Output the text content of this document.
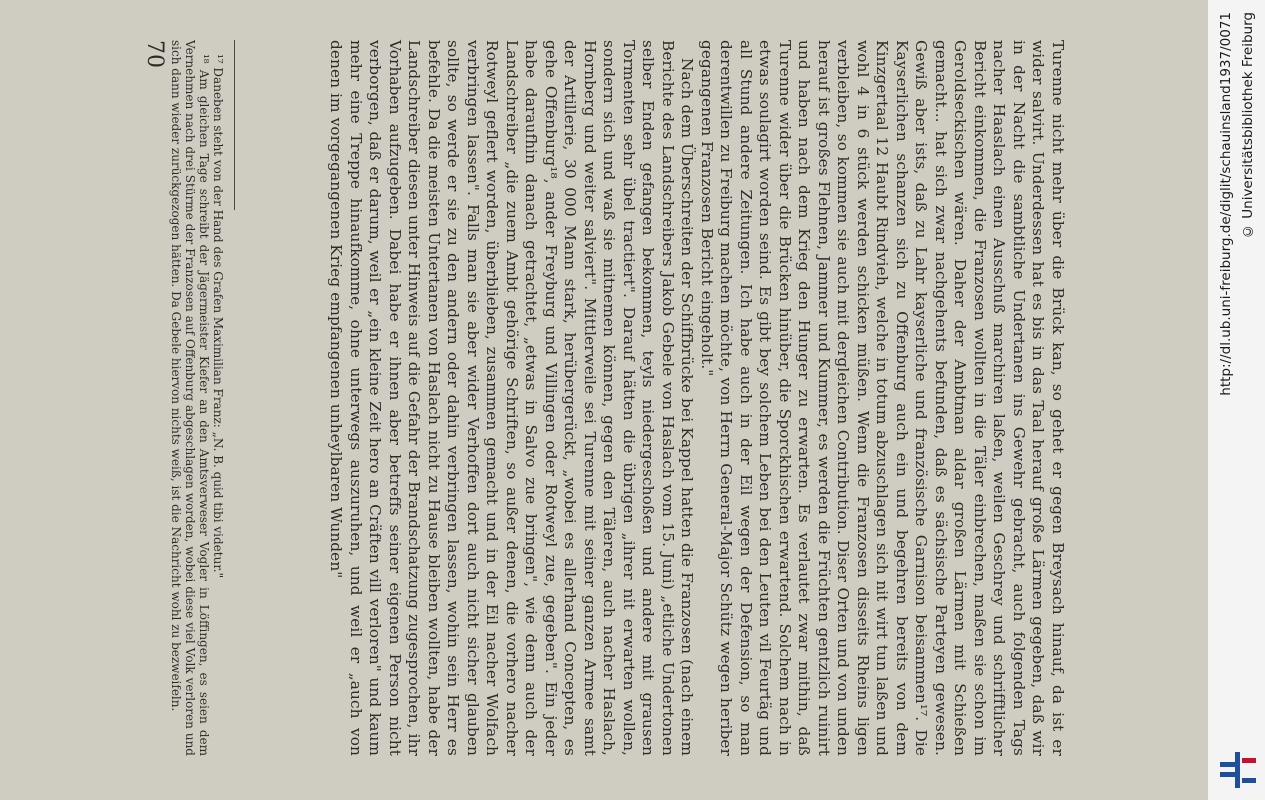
Turenne nicht mehr über die Brück kan, so gehet er gegen Breysach hinauf, da ist er wider salvirt. Underdessen hat es bis in das Taal herauf große Lärmen gegeben, daß wir in der Nacht die sambtliche Undertanen ins Gewehr gebracht, auch folgenden Tags nacher Haaslach einen Ausschuß marchiren laßen, weilen Geschrey und schrifftlicher Bericht einkommen, die Franzosen wollten in die Täler einbrechen, maßen sie schon im Geroldseckischen wären. Daher der Ambtman aldar großen Lärmen mit Schießen gemacht... hat sich zwar nachgehents befunden, daß es sächsische Parteyen gewesen. Gewiß aber ists, daß zu Lahr kayserliche und französische Garnison beisammen¹⁷. Die Kayserlichen schanzen sich zu Offenburg auch ein und begehren bereits von dem Kinzgertaal 12 Haubt Rindvieh, welche in totum abzuschlagen sich nit wirt tun laßen und wohl 4 in 6 stück werden schicken müßen. Wenn die Franzosen disseits Rheins ligen verbleiben, so kommen sie auch mit dergleichen Contribution. Diser Orten und von unden herauf ist großes Flehnen, Jammer und Kummer, es werden die Früchten gentzlich ruinirt und haben nach dem Krieg den Hunger zu erwarten. Es verlautet zwar mithin, daß Turenne wider über die Brücken hinüber, die Sporckhischen erwartend. Solchem nach in etwas soulagirt worden seind. Es gibt bey solchem Leben bei den Leuten vil Feurtäg und all Stund andere Zeitungen. Ich habe auch in der Eil wegen der Defension, so man derentwillen zu Freiburg machen möchte, von Herrn General-Major Schütz wegen heriber gegangenen Franzosen Bericht eingeholt."

Nach dem Überschreiten der Schiffbrücke bei Kappel hatten die Franzosen (nach einem Berichte des Landschreibers Jakob Gebele von Haslach vom 15. Juni) „etliche Undertonen selber Enden gefangen bekommen, teyls niedergeschoßen und andere mit grausen Tormenten sehr übel tractiert". Darauf hätten die übrigen „ihrer nit erwarten wollen, sondern sich und waß sie mitnemen können, gegen den Täleren, auch nacher Haslach, Hornberg und weiter salviert". Mittlerweile sei Turenne mit seiner ganzen Armee samt der Artillerie, 30 000 Mann stark, herübergerückt, „wobei es allerhand Concepten, es gehe Offenburg¹⁸, ander Freyburg und Villingen oder Rotweyl zue, gegeben". Ein jeder habe daraufhin danach getrachtet, „etwas in Salvo zue bringen", wie denn auch der Landschreiber „die zuem Ambt gehörige Schriften, so außer denen, die vorhero nacher Rotweyl geflert worden, überblieben, zusammen gemacht und in der Eil nacher Wolfach verbringen lassen". Falls man sie aber wider Verhoffen dort auch nicht sicher glauben sollte, so werde er sie zu den andern oder dahin verbringen lassen, wohin sein Herr es befehle. Da die meisten Untertanen von Haslach nicht zu Hause bleiben wollten, habe der Landschreiber diesen unter Hinweis auf die Gefahr der Brandschatzung zugesprochen, ihr Vorhaben aufzugeben. Dabei habe er ihnen aber betreffs seiner eigenen Person nicht verborgen, daß er darum, weil er „ein kleine Zeit hero an Cräften vill verloren" und kaum mehr eine Treppe hinaufkomme, ohne unterwegs auszuruhen, und weil er „auch von denen im vorgegangenen Krieg empfangenen unheylbaren Wunden"

¹⁷ Daneben steht von der Hand des Grafen Maximilian Franz: „N. B. quid tibi videtur."

¹⁸ Am gleichen Tage schreibt der Jägermeister Kiefer an den Amtsverweser Vogler in Löffingen, es seien dem Vernehmen nach drei Stürme der Franzosen auf Offenburg abgeschlagen worden, wobei diese viel Volk verloren und sich dann wieder zurückgezogen hätten. Da Gebele hiervon nichts weiß, ist die Nachricht wohl zu bezweifeln.

70	http://dl.ub.uni-freiburg.de/diglit/schauinsland1937/0071 © Universitätsbibliothek Freiburg
